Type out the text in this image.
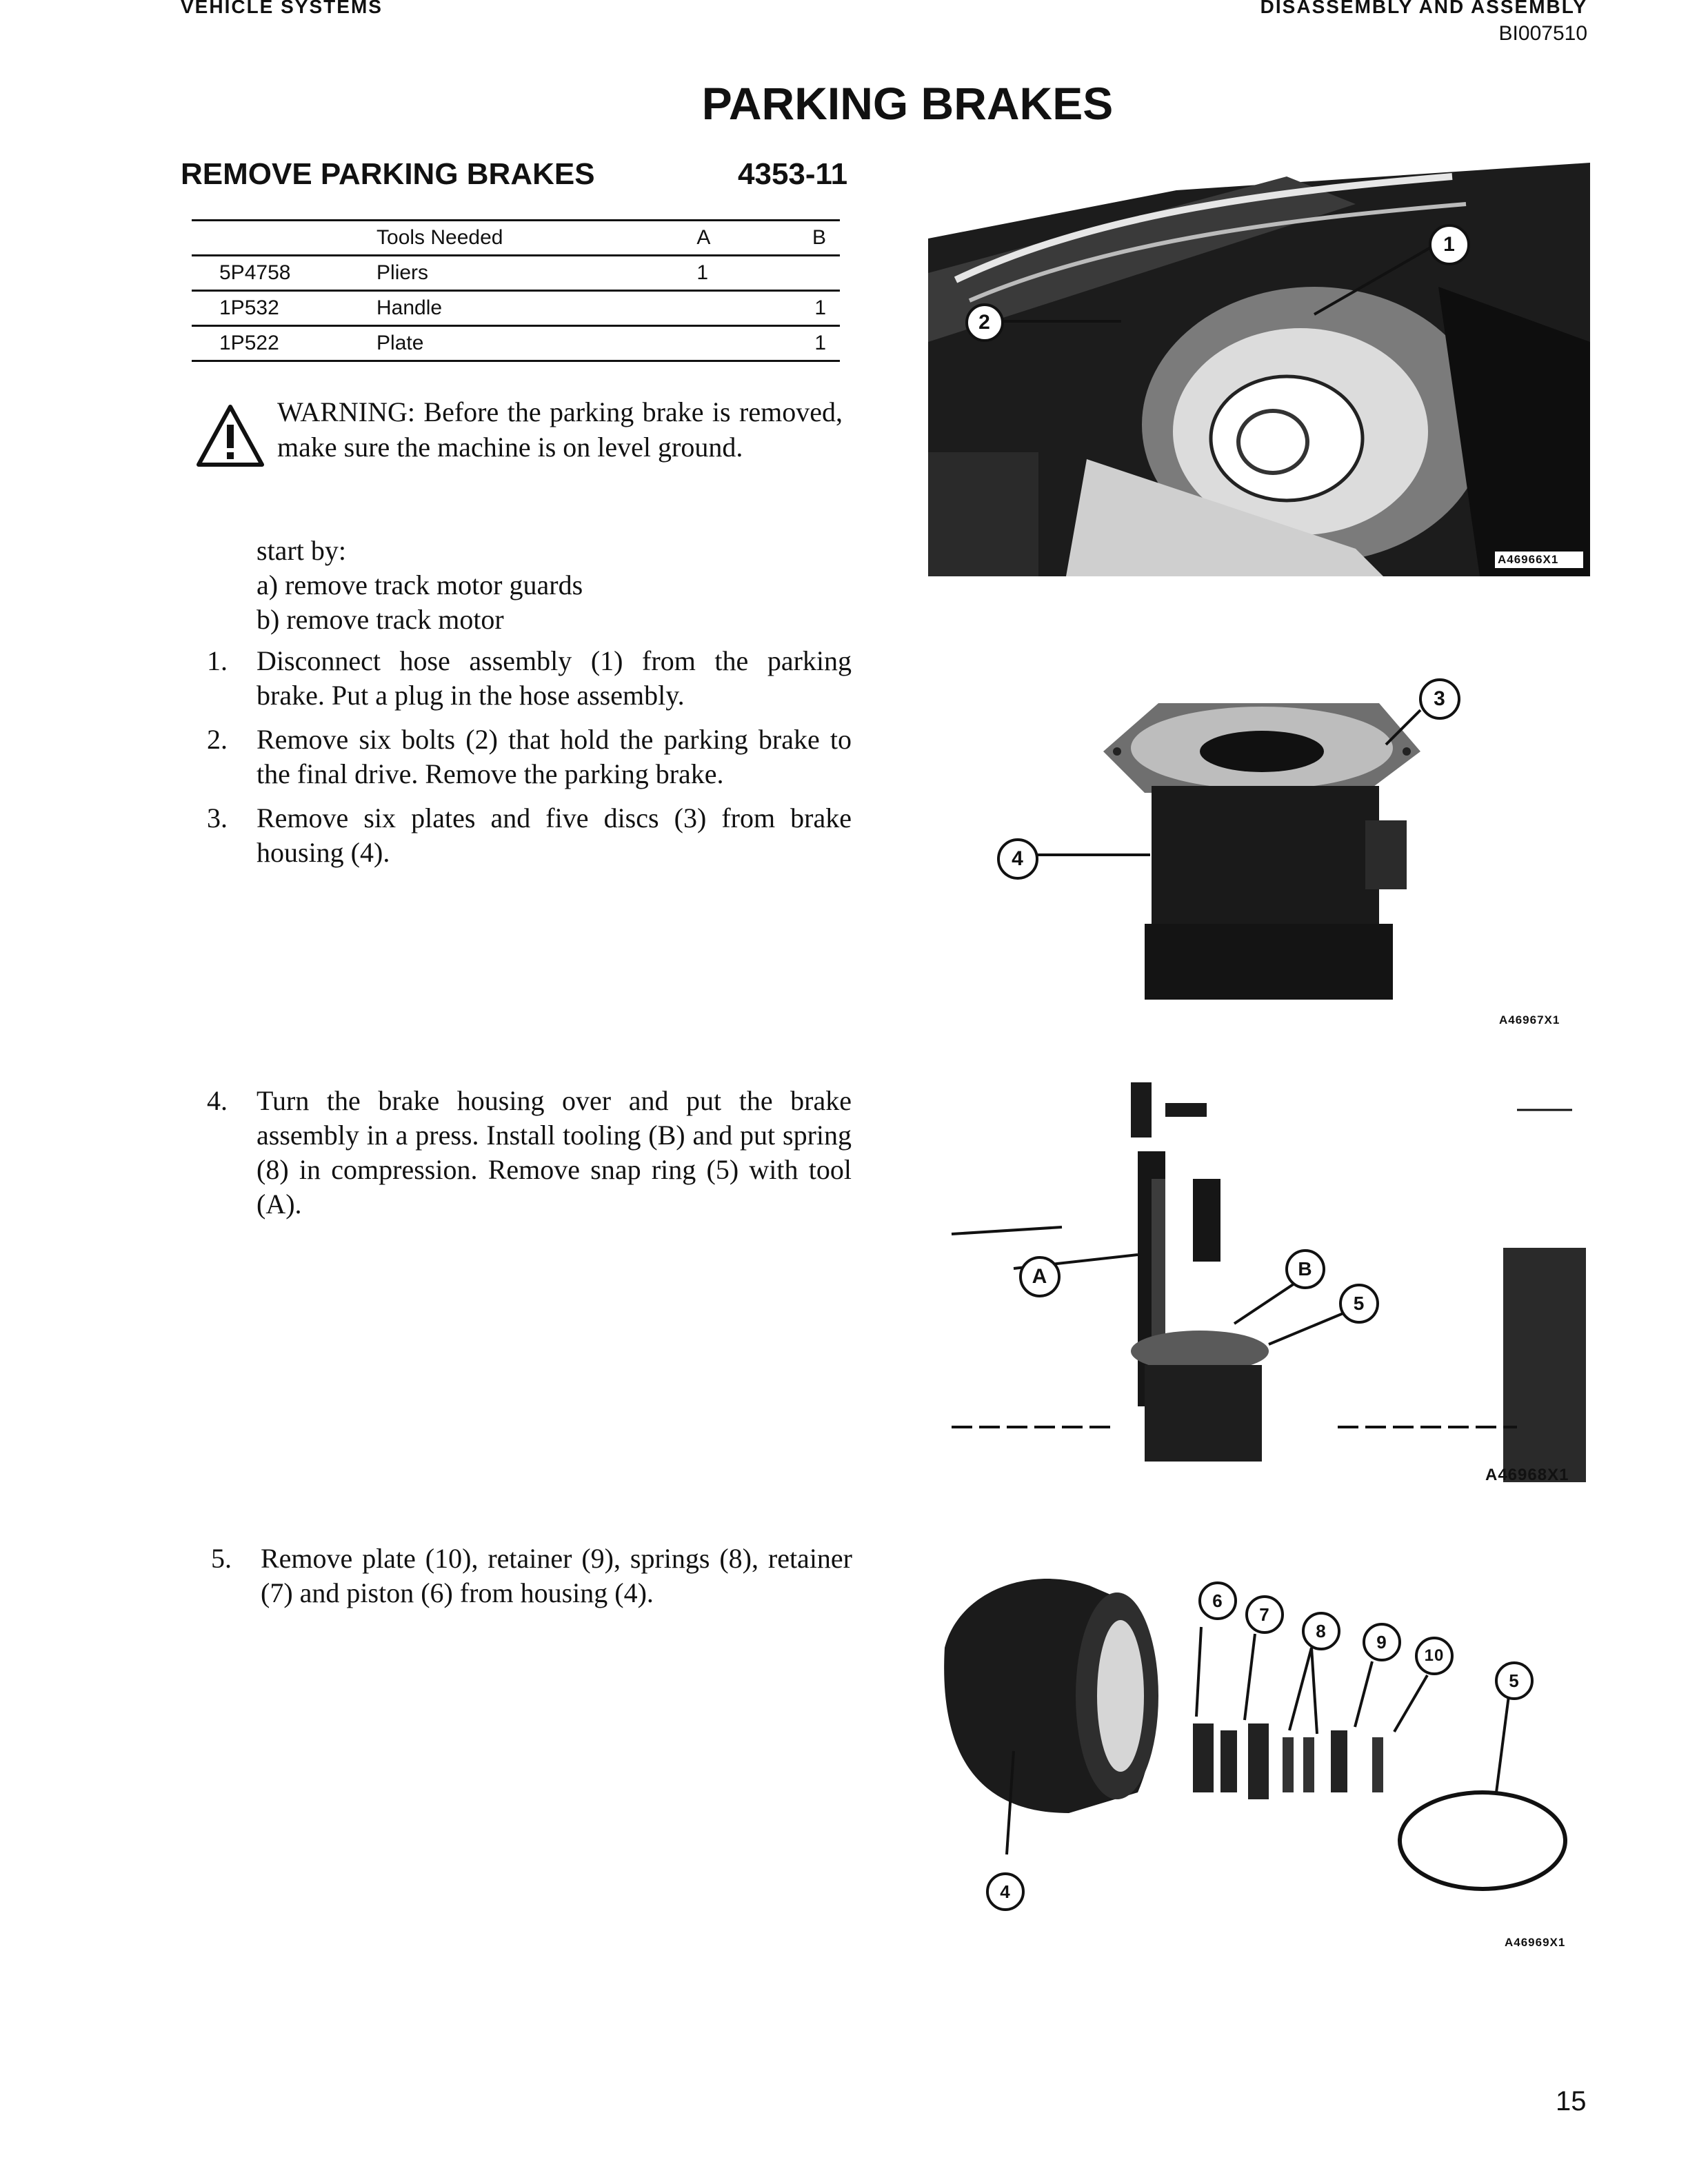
VEHICLE SYSTEMS	DISASSEMBLY AND ASSEMBLY
BI007510
PARKING BRAKES
REMOVE PARKING BRAKES	4353-11
	Tools Needed	A	B
5P4758	Pliers	1	
1P532	Handle		1
1P522	Plate		1
WARNING: Before the parking brake is removed, make sure the machine is on level ground.
start by:
a) remove track motor guards
b) remove track motor
1. Disconnect hose assembly (1) from the parking brake. Put a plug in the hose assembly.
2. Remove six bolts (2) that hold the parking brake to the final drive. Remove the parking brake.
3. Remove six plates and five discs (3) from brake housing (4).
4. Turn the brake housing over and put the brake assembly in a press. Install tooling (B) and put spring (8) in compression. Remove snap ring (5) with tool (A).
5. Remove plate (10), retainer (9), springs (8), retainer (7) and piston (6) from housing (4).
A46966X1
1
2
3
4
A46967X1
A	B
5
A46968X1
6
7
8
9
10
5
4
A46969X1
15
